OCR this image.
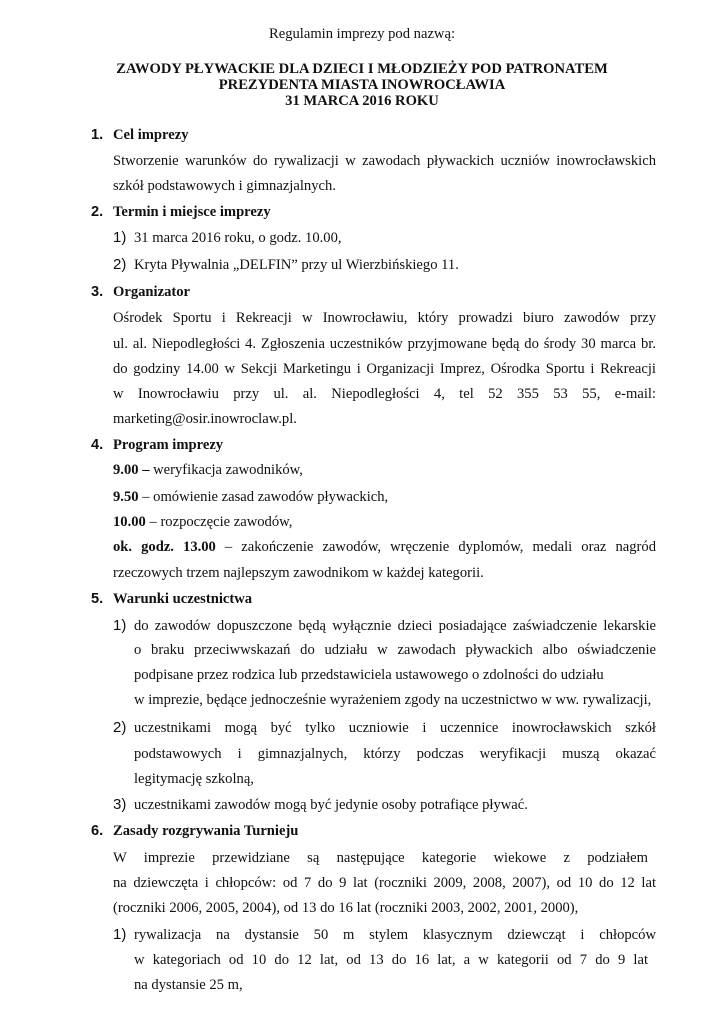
Regulamin imprezy pod nazwą:
ZAWODY PŁYWACKIE DLA DZIECI I MŁODZIEŻY POD PATRONATEM
PREZYDENTA MIASTA INOWROCŁAWIA
31 MARCA 2016 ROKU
1. Cel imprezy
Stworzenie warunków do rywalizacji w zawodach pływackich uczniów inowrocławskich
szkół podstawowych i gimnazjalnych.
2. Termin i miejsce imprezy
1) 31 marca 2016 roku, o godz. 10.00,
2) Kryta Pływalnia „DELFIN” przy ul Wierzbińskiego 11.
3. Organizator
Ośrodek Sportu i Rekreacji w Inowrocławiu, który prowadzi biuro zawodów przy
ul. al. Niepodległości 4. Zgłoszenia uczestników przyjmowane będą do środy 30 marca br.
do godziny 14.00 w Sekcji Marketingu i Organizacji Imprez, Ośrodka Sportu i Rekreacji
w Inowrocławiu przy ul. al. Niepodległości 4, tel 52 355 53 55, e-mail:
marketing@osir.inowroclaw.pl.
4. Program imprezy
9.00 – weryfikacja zawodników,
9.50 – omówienie zasad zawodów pływackich,
10.00 – rozpoczęcie zawodów,
ok. godz. 13.00 – zakończenie zawodów, wręczenie dyplomów, medali oraz nagród
rzeczowych trzem najlepszym zawodnikom w każdej kategorii.
5. Warunki uczestnictwa
1) do zawodów dopuszczone będą wyłącznie dzieci posiadające zaświadczenie lekarskie
o braku przeciwwskazań do udziału w zawodach pływackich albo oświadczenie
podpisane przez rodzica lub przedstawiciela ustawowego o zdolności do udziału
w imprezie, będące jednocześnie wyrażeniem zgody na uczestnictwo w ww. rywalizacji,
2) uczestnikami mogą być tylko uczniowie i uczennice inowrocławskich szkół
podstawowych i gimnazjalnych, którzy podczas weryfikacji muszą okazać
legitymację szkolną,
3) uczestnikami zawodów mogą być jedynie osoby potrafiące pływać.
6. Zasady rozgrywania Turnieju
W imprezie przewidziane są następujące kategorie wiekowe z podziałem
na dziewczęta i chłopców: od 7 do 9 lat (roczniki 2009, 2008, 2007), od 10 do 12 lat
(roczniki 2006, 2005, 2004), od 13 do 16 lat (roczniki 2003, 2002, 2001, 2000),
1) rywalizacja na dystansie 50 m stylem klasycznym dziewcząt i chłopców
w kategoriach od 10 do 12 lat, od 13 do 16 lat, a w kategorii od 7 do 9 lat
na dystansie 25 m,
